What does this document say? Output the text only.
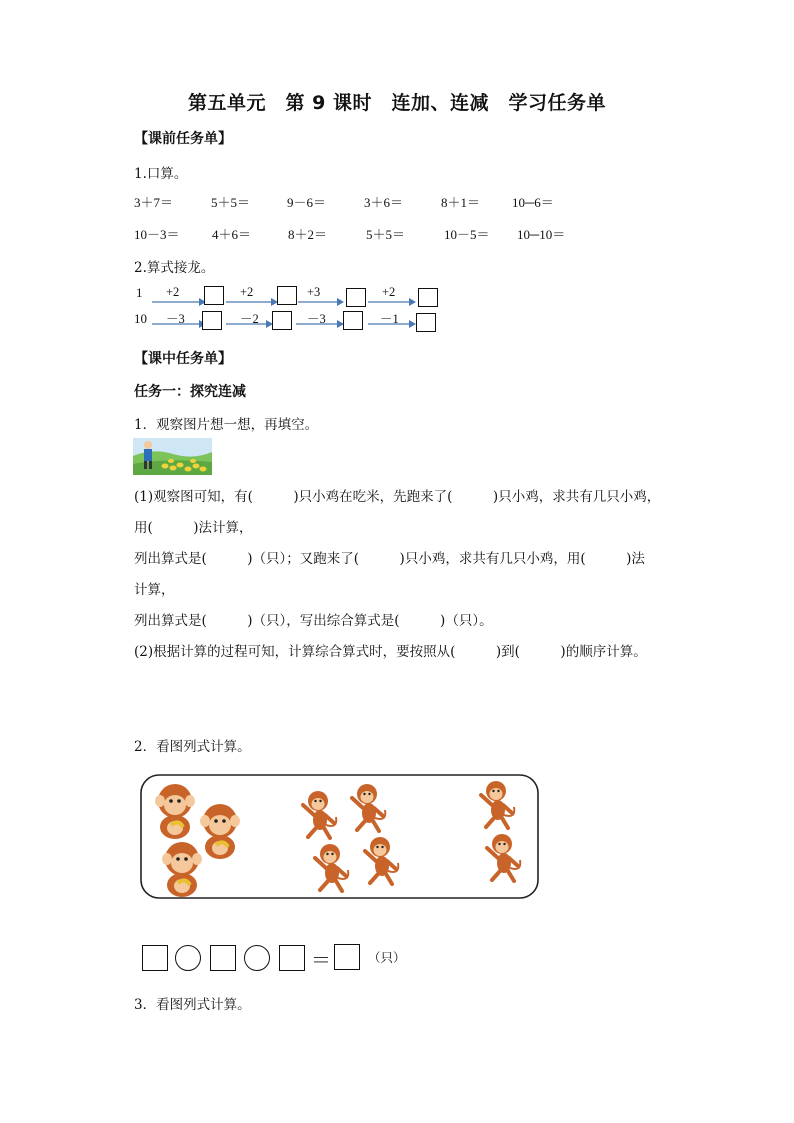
第五单元　第 9 课时　连加、连减　学习任务单
【课前任务单】
1.口算。
3＋7＝	5＋5＝	9－6＝	3＋6＝	8＋1＝ 10─6＝
10－3＝ 4＋6＝	8＋2＝	5＋5＝	10－5＝ 10─10＝
2.算式接龙。
1 +2	+2	+3	+2
10 －3	－2	－3	－1
【课中任务单】
任务一：探究连减
1．观察图片想一想，再填空。
(1)观察图可知，有(　　　)只小鸡在吃米，先跑来了(　　　)只小鸡，求共有几只小鸡，
用(　　　)法计算，
列出算式是(　　　)（只）；又跑来了(　　　)只小鸡，求共有几只小鸡，用(　　　)法
计算，
列出算式是(　　　)（只），写出综合算式是(　　　)（只）。
(2)根据计算的过程可知，计算综合算式时，要按照从(　　　)到(　　　)的顺序计算。
2．看图列式计算。
＝	（只）
3．看图列式计算。
